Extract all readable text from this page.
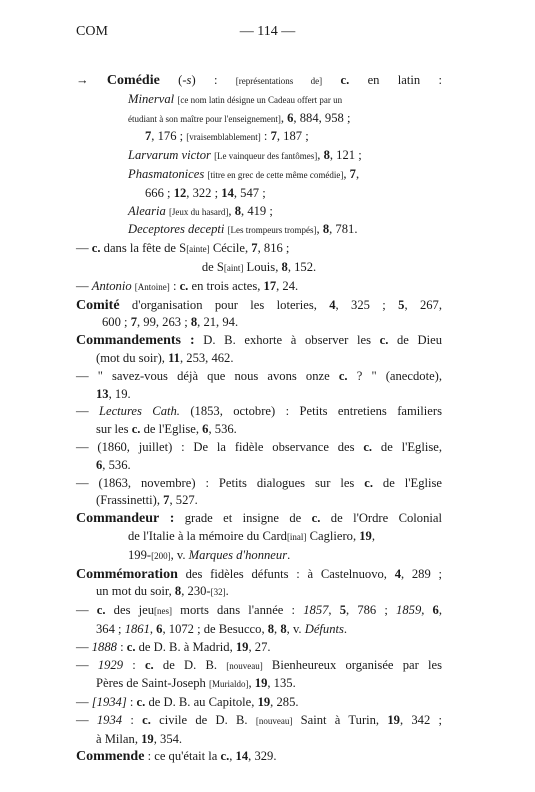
COM	— 114 —
→ Comédie (-s) : [représentations de] c. en latin :
Minerval [ce nom latin désigne un Cadeau offert par un
étudiant à son maître pour l'enseignement], 6, 884, 958 ;
7, 176 ; [vraisemblablement] : 7, 187 ;
Larvarum victor [Le vainqueur des fantômes], 8, 121 ;
Phasmatonices [titre en grec de cette même comédie], 7,
666 ; 12, 322 ; 14, 547 ;
Alearia [Jeux du hasard], 8, 419 ;
Deceptores decepti [Les trompeurs trompés], 8, 781.
— c. dans la fête de S[ainte] Cécile, 7, 816 ;
de S[aint] Louis, 8, 152.
— Antonio [Antoine] : c. en trois actes, 17, 24.
Comité d'organisation pour les loteries, 4, 325 ; 5, 267,
600 ; 7, 99, 263 ; 8, 21, 94.
Commandements : D. B. exhorte à observer les c. de Dieu
(mot du soir), 11, 253, 462.
— " savez-vous déjà que nous avons onze c. ? " (anecdote),
13, 19.
— Lectures Cath. (1853, octobre) : Petits entretiens familiers
sur les c. de l'Eglise, 6, 536.
— (1860, juillet) : De la fidèle observance des c. de l'Eglise,
6, 536.
— (1863, novembre) : Petits dialogues sur les c. de l'Eglise
(Frassinetti), 7, 527.
Commandeur : grade et insigne de c. de l'Ordre Colonial
de l'Italie à la mémoire du Card[inal] Cagliero, 19,
199-[200], v. Marques d'honneur.
Commémoration des fidèles défunts : à Castelnuovo, 4, 289 ;
un mot du soir, 8, 230-[32].
— c. des jeu[nes] morts dans l'année : 1857, 5, 786 ; 1859, 6,
364 ; 1861, 6, 1072 ; de Besucco, 8, 8, v. Défunts.
— 1888 : c. de D. B. à Madrid, 19, 27.
— 1929 : c. de D. B. [nouveau] Bienheureux organisée par les
Pères de Saint-Joseph [Murialdo], 19, 135.
— [1934] : c. de D. B. au Capitole, 19, 285.
— 1934 : c. civile de D. B. [nouveau] Saint à Turin, 19, 342 ;
à Milan, 19, 354.
Commende : ce qu'était la c., 14, 329.
